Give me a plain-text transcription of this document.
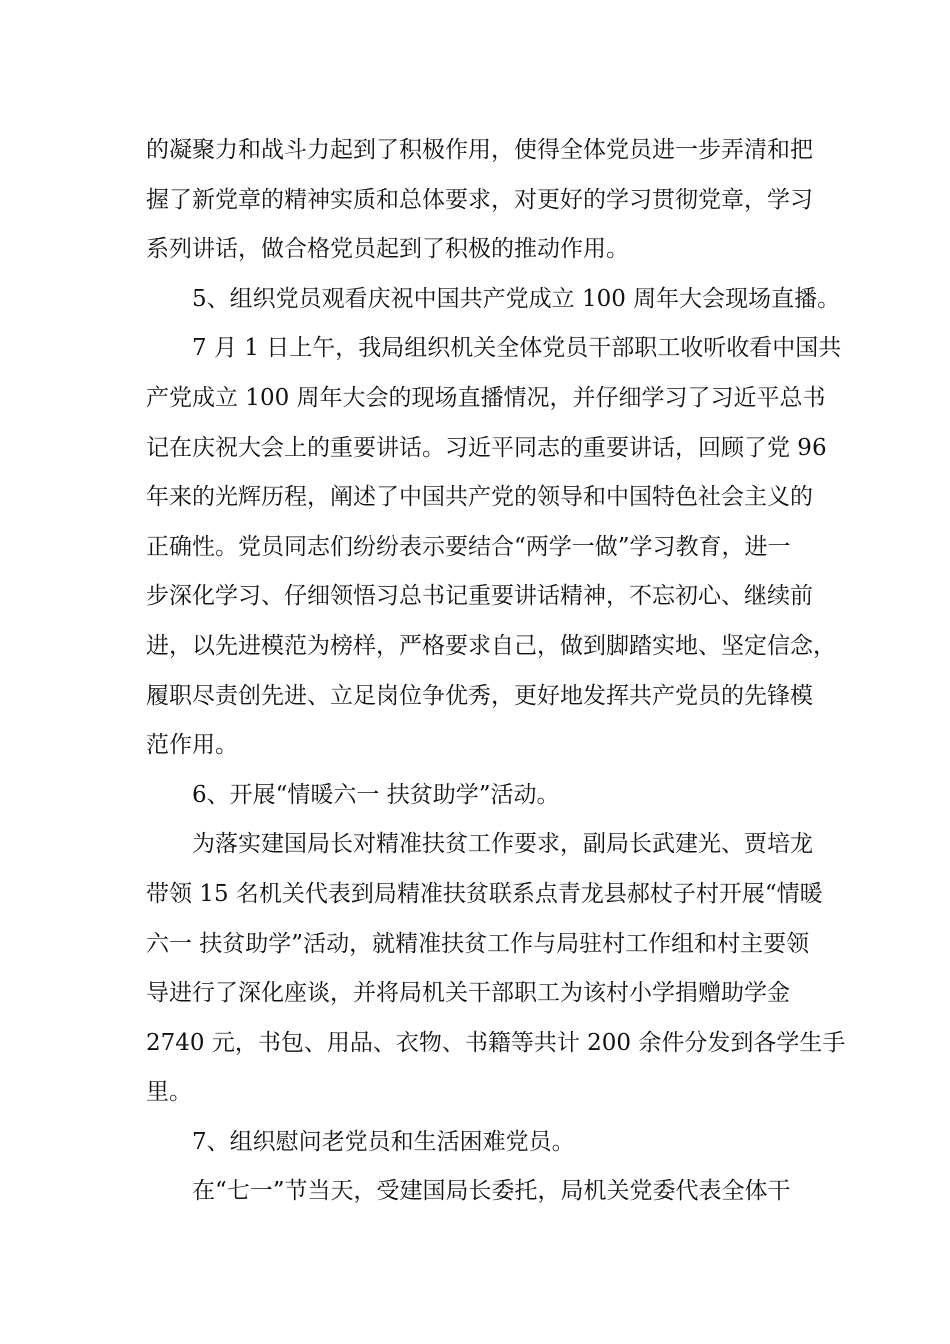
的凝聚力和战斗力起到了积极作用，使得全体党员进一步弄清和把
握了新党章的精神实质和总体要求，对更好的学习贯彻党章，学习
系列讲话，做合格党员起到了积极的推动作用。
5、组织党员观看庆祝中国共产党成立 100 周年大会现场直播。
7 月 1 日上午，我局组织机关全体党员干部职工收听收看中国共
产党成立 100 周年大会的现场直播情况，并仔细学习了习近平总书
记在庆祝大会上的重要讲话。习近平同志的重要讲话，回顾了党 96
年来的光辉历程，阐述了中国共产党的领导和中国特色社会主义的
正确性。党员同志们纷纷表示要结合“两学一做”学习教育，进一
步深化学习、仔细领悟习总书记重要讲话精神，不忘初心、继续前
进，以先进模范为榜样，严格要求自己，做到脚踏实地、坚定信念，
履职尽责创先进、立足岗位争优秀，更好地发挥共产党员的先锋模
范作用。
6、开展“情暖六一 扶贫助学”活动。
为落实建国局长对精准扶贫工作要求，副局长武建光、贾培龙
带领 15 名机关代表到局精准扶贫联系点青龙县郝杖子村开展“情暖
六一 扶贫助学”活动，就精准扶贫工作与局驻村工作组和村主要领
导进行了深化座谈，并将局机关干部职工为该村小学捐赠助学金
2740 元，书包、用品、衣物、书籍等共计 200 余件分发到各学生手
里。
7、组织慰问老党员和生活困难党员。
在“七一”节当天，受建国局长委托，局机关党委代表全体干
